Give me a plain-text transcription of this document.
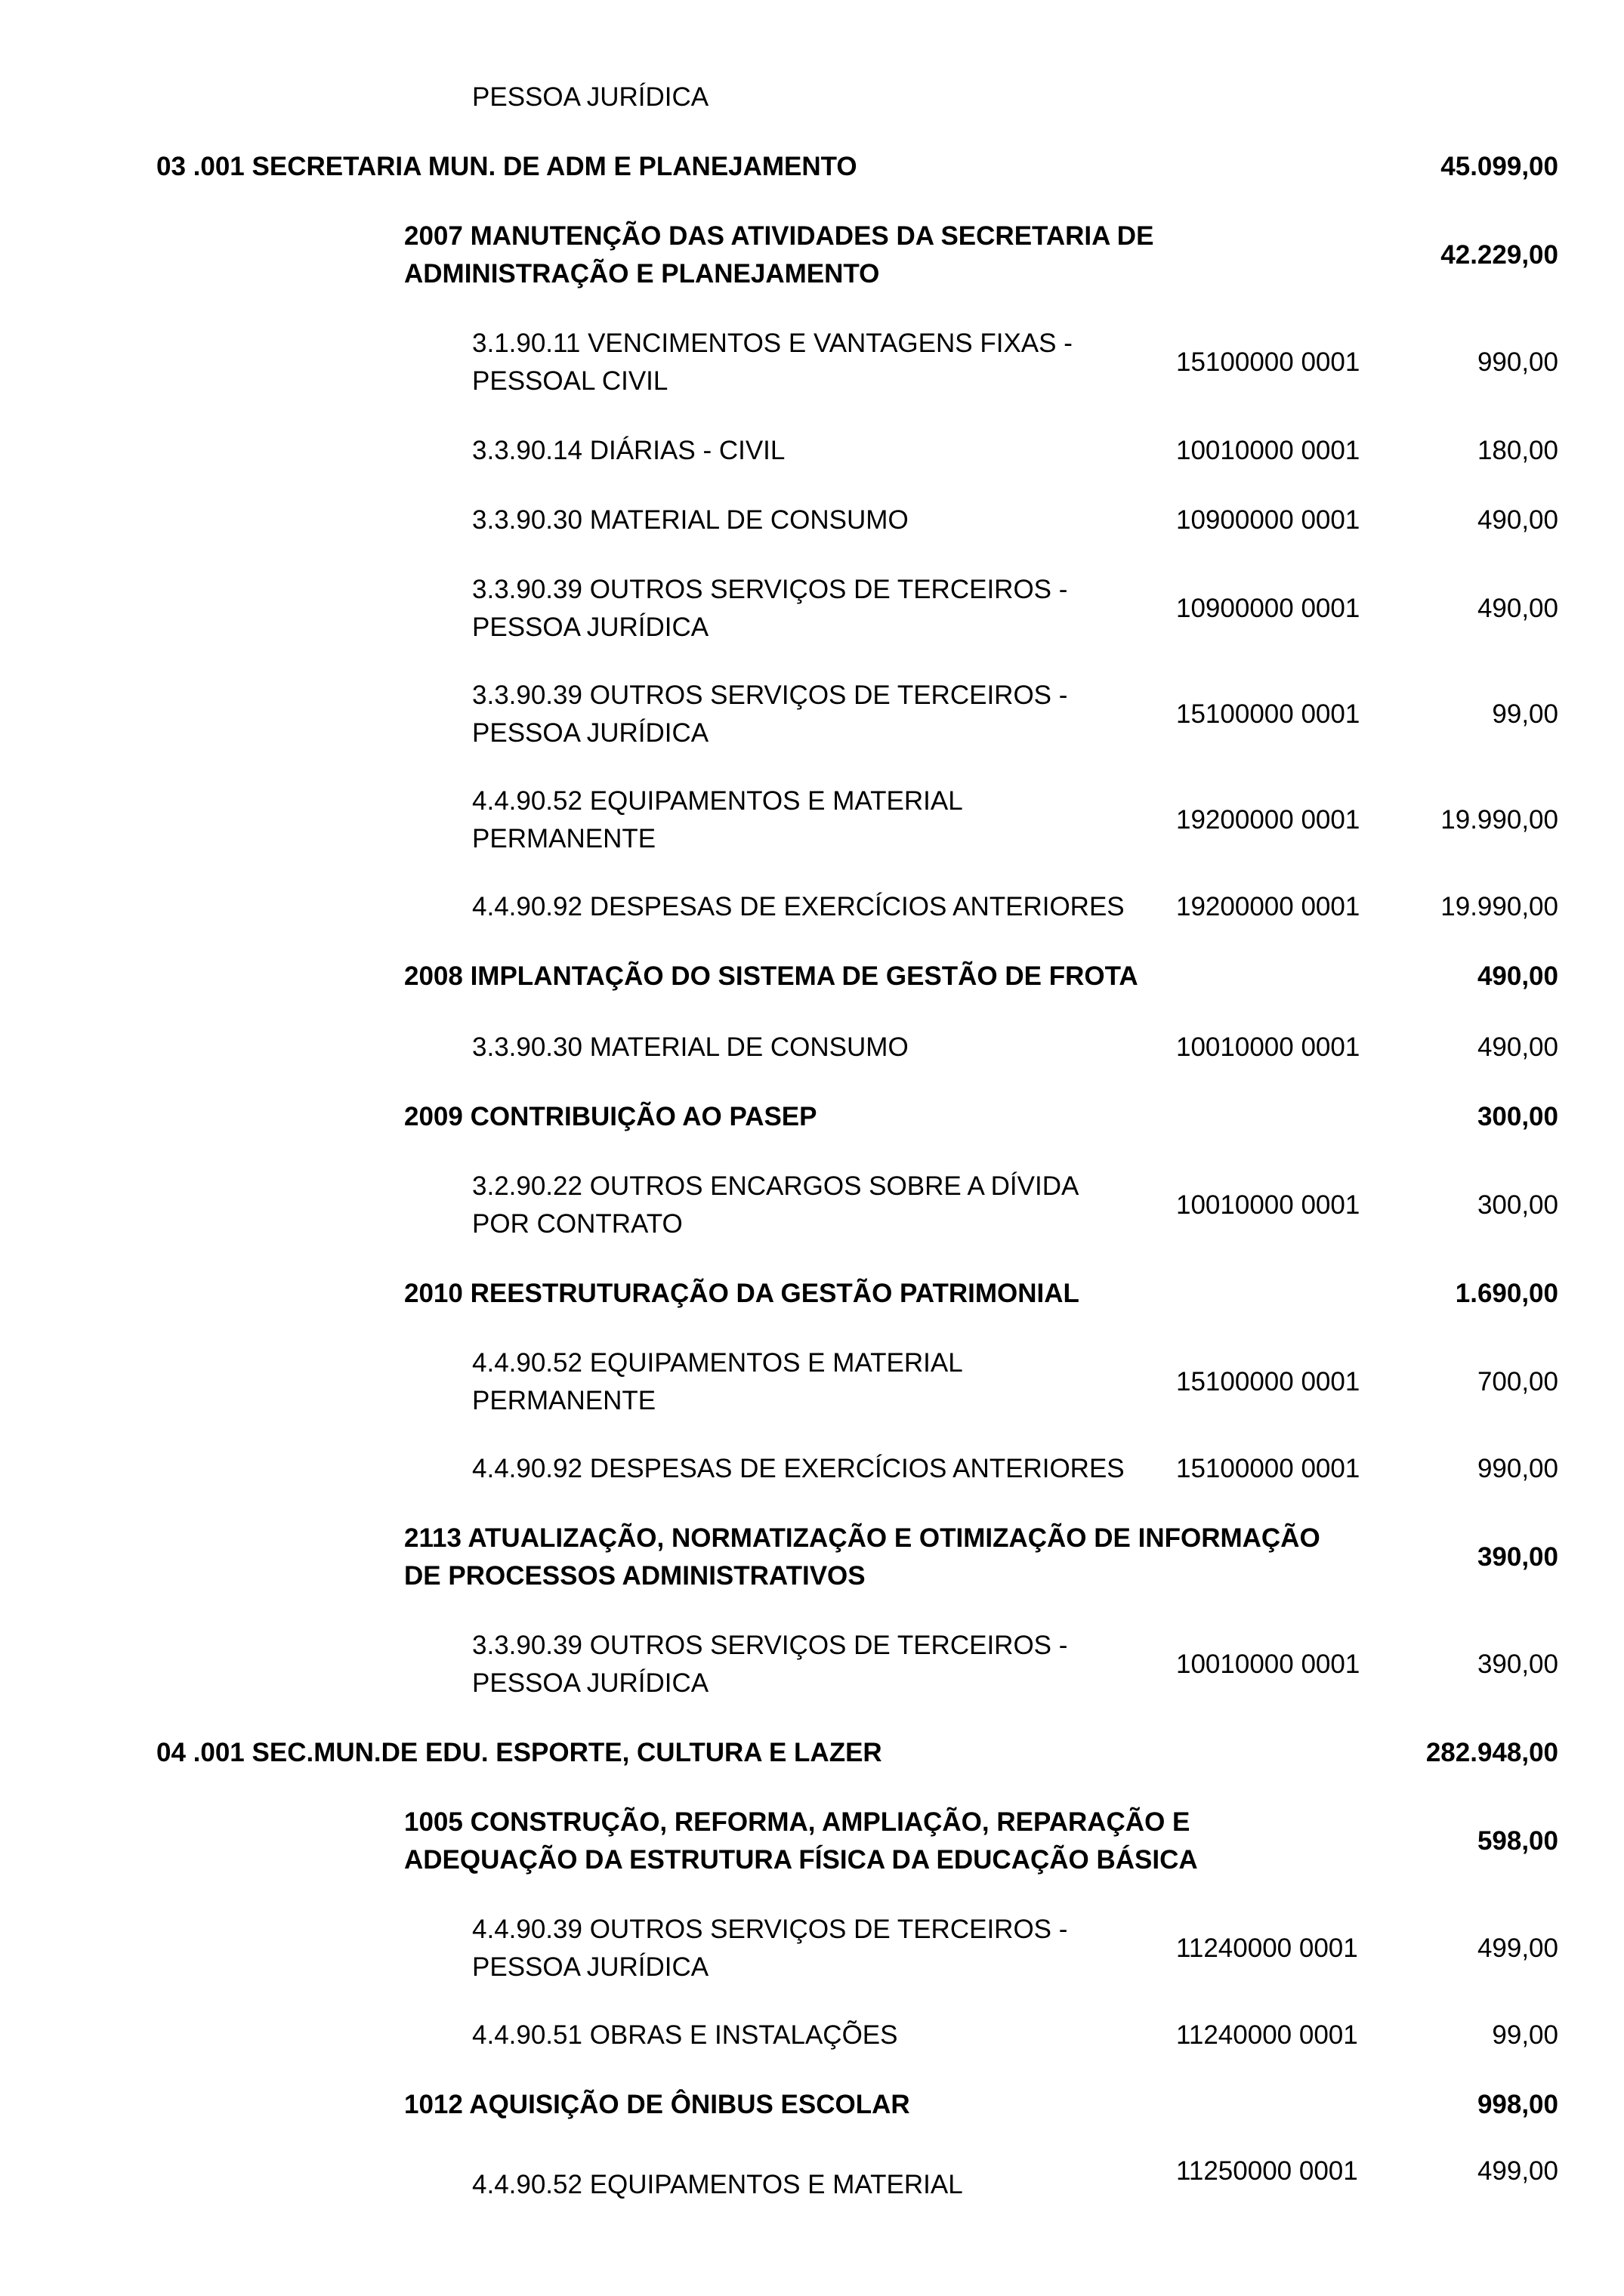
PESSOA JURÍDICA
03 .001 SECRETARIA MUN. DE ADM E PLANEJAMENTO	45.099,00
2007 MANUTENÇÃO DAS ATIVIDADES DA SECRETARIA DE
ADMINISTRAÇÃO E PLANEJAMENTO
42.229,00
3.1.90.11 VENCIMENTOS E VANTAGENS FIXAS -
PESSOAL CIVIL
15100000 0001	990,00
3.3.90.14 DIÁRIAS - CIVIL	10010000 0001	180,00
3.3.90.30 MATERIAL DE CONSUMO	10900000 0001	490,00
3.3.90.39 OUTROS SERVIÇOS DE TERCEIROS -
PESSOA JURÍDICA
10900000 0001	490,00
3.3.90.39 OUTROS SERVIÇOS DE TERCEIROS -
PESSOA JURÍDICA
15100000 0001	99,00
4.4.90.52 EQUIPAMENTOS E MATERIAL
PERMANENTE
19200000 0001	19.990,00
4.4.90.92 DESPESAS DE EXERCÍCIOS ANTERIORES 19200000 0001	19.990,00
2008 IMPLANTAÇÃO DO SISTEMA DE GESTÃO DE FROTA	490,00
3.3.90.30 MATERIAL DE CONSUMO	10010000 0001	490,00
2009 CONTRIBUIÇÃO AO PASEP	300,00
3.2.90.22 OUTROS ENCARGOS SOBRE A DÍVIDA
POR CONTRATO
10010000 0001	300,00
2010 REESTRUTURAÇÃO DA GESTÃO PATRIMONIAL	1.690,00
4.4.90.52 EQUIPAMENTOS E MATERIAL
PERMANENTE
15100000 0001	700,00
4.4.90.92 DESPESAS DE EXERCÍCIOS ANTERIORES 15100000 0001	990,00
2113 ATUALIZAÇÃO, NORMATIZAÇÃO E OTIMIZAÇÃO DE INFORMAÇÃO
DE PROCESSOS ADMINISTRATIVOS
390,00
3.3.90.39 OUTROS SERVIÇOS DE TERCEIROS -
PESSOA JURÍDICA
10010000 0001	390,00
04 .001 SEC.MUN.DE EDU. ESPORTE, CULTURA E LAZER	282.948,00
1005 CONSTRUÇÃO, REFORMA, AMPLIAÇÃO, REPARAÇÃO E
ADEQUAÇÃO DA ESTRUTURA FÍSICA DA EDUCAÇÃO BÁSICA
598,00
4.4.90.39 OUTROS SERVIÇOS DE TERCEIROS -
PESSOA JURÍDICA
11240000 0001	499,00
4.4.90.51 OBRAS E INSTALAÇÕES	11240000 0001	99,00
1012 AQUISIÇÃO DE ÔNIBUS ESCOLAR	998,00
4.4.90.52 EQUIPAMENTOS E MATERIAL	11250000 0001	499,00
